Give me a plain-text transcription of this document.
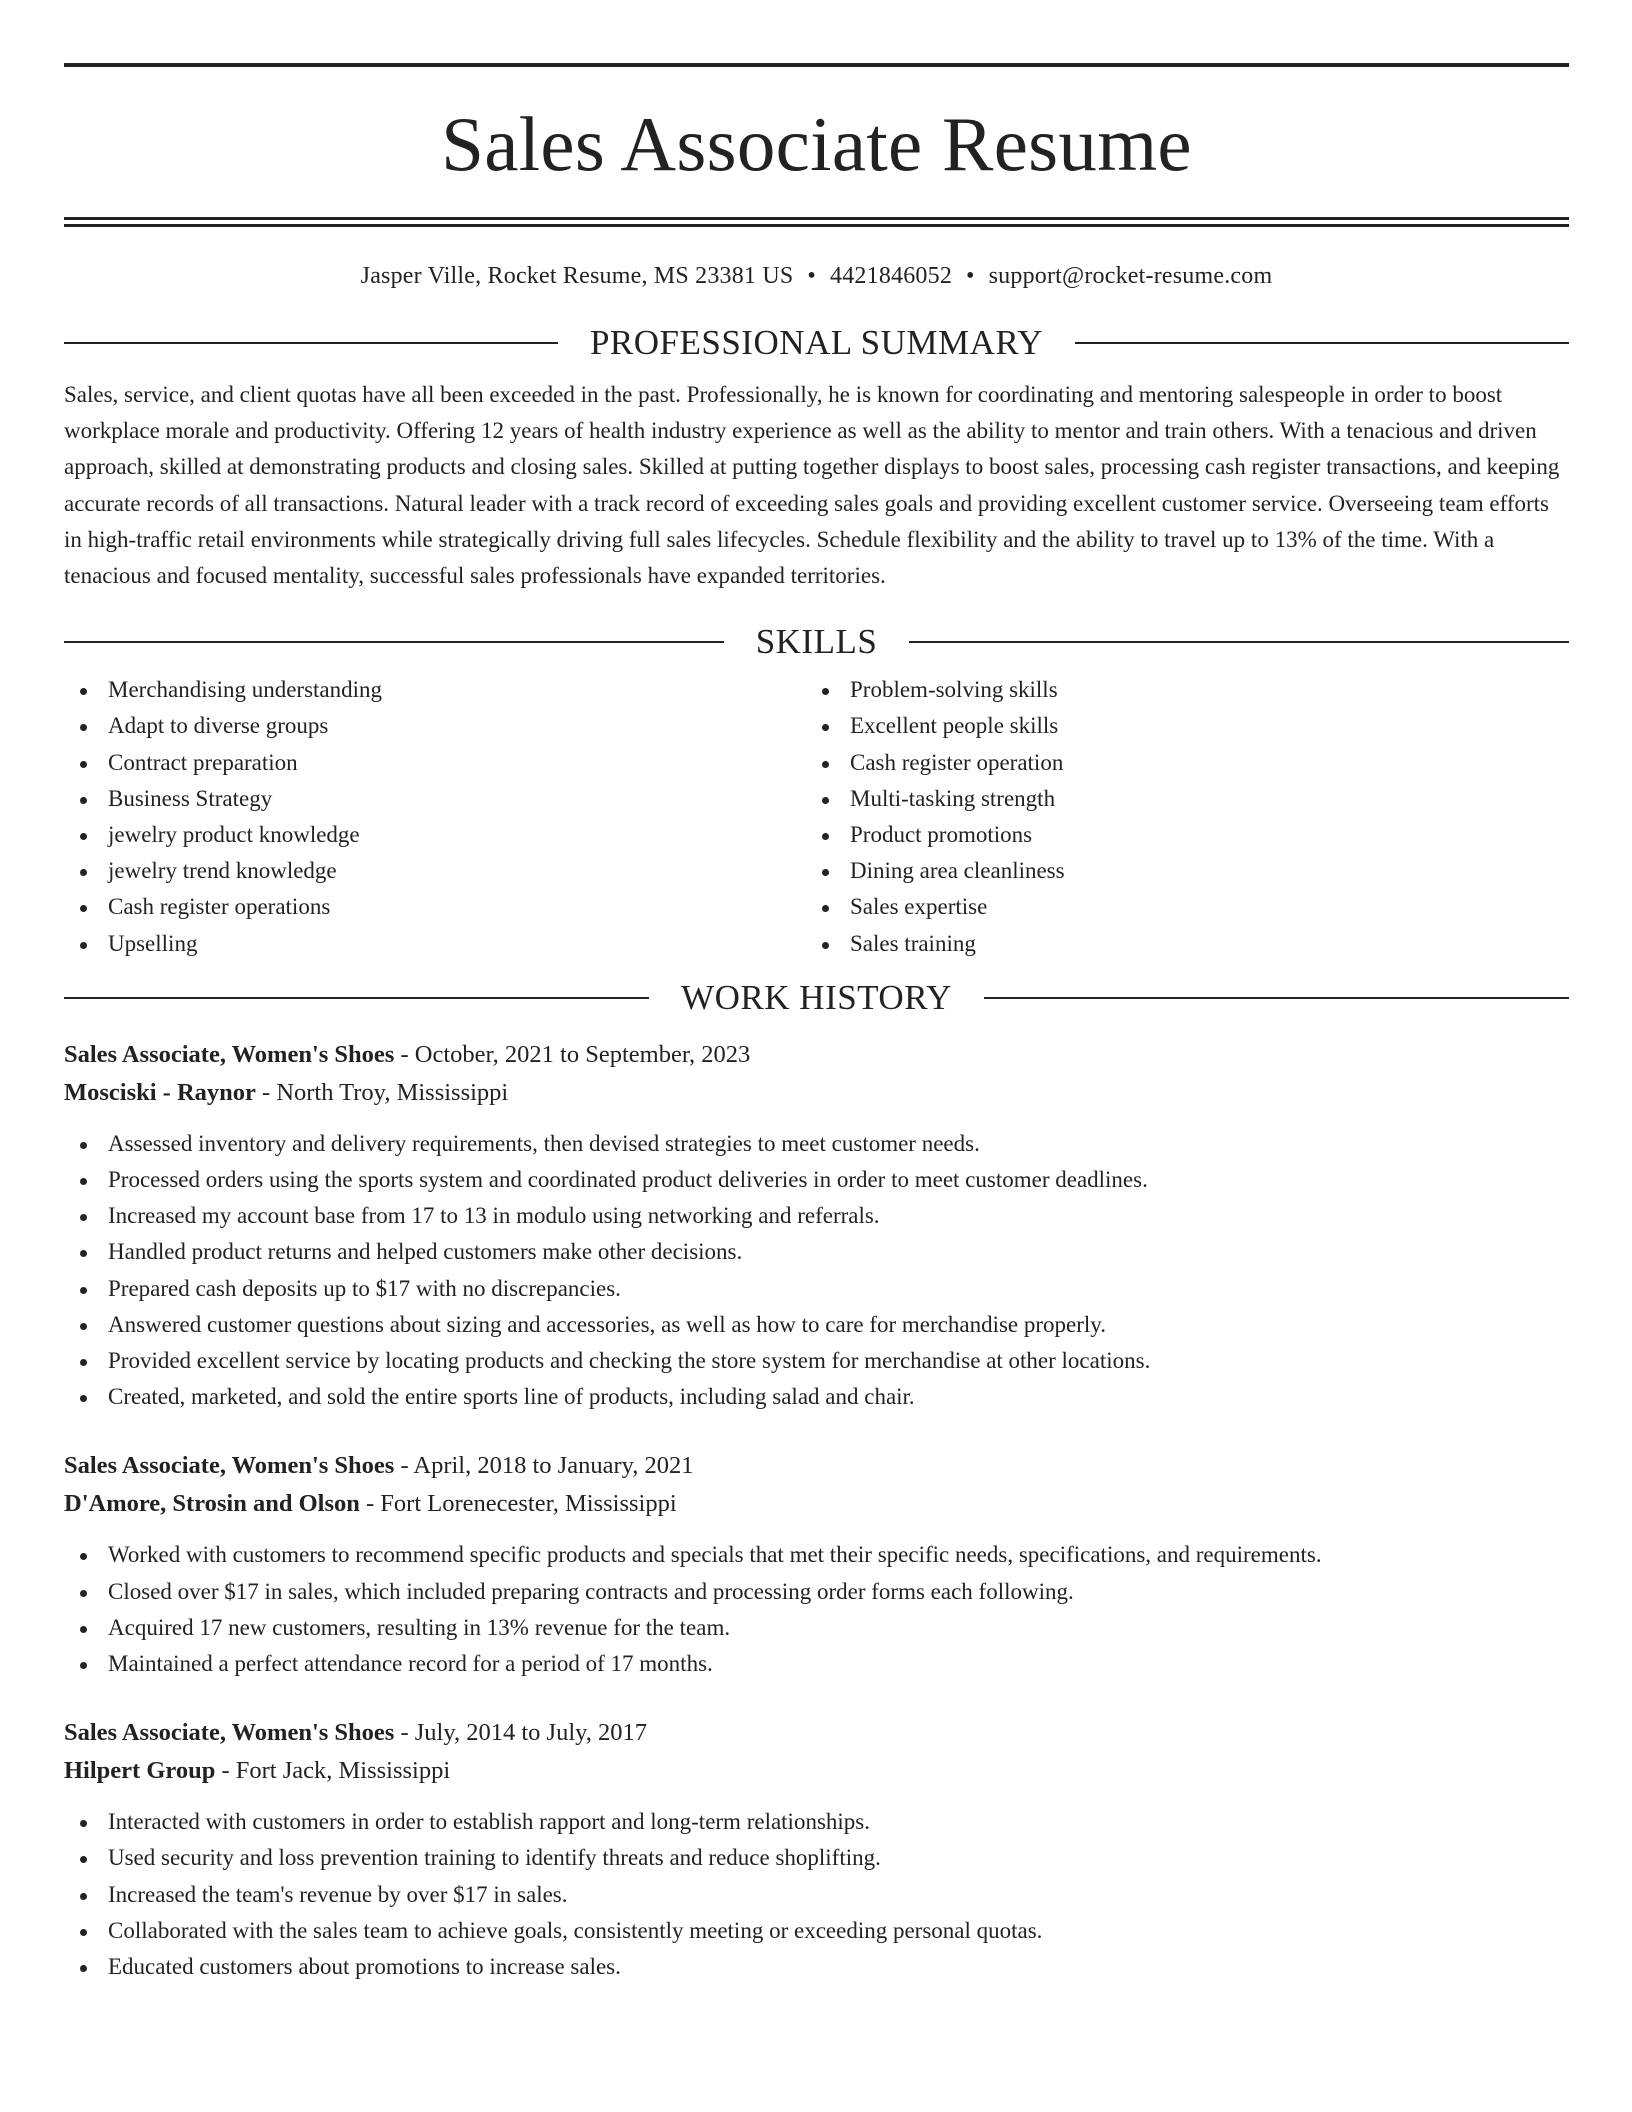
Sales Associate Resume
Jasper Ville, Rocket Resume, MS 23381 US • 4421846052 • support@rocket-resume.com
PROFESSIONAL SUMMARY

Sales, service, and client quotas have all been exceeded in the past. Professionally, he is known for coordinating and mentoring salespeople in order to boost workplace morale and productivity. Offering 12 years of health industry experience as well as the ability to mentor and train others. With a tenacious and driven approach, skilled at demonstrating products and closing sales. Skilled at putting together displays to boost sales, processing cash register transactions, and keeping accurate records of all transactions. Natural leader with a track record of exceeding sales goals and providing excellent customer service. Overseeing team efforts in high-traffic retail environments while strategically driving full sales lifecycles. Schedule flexibility and the ability to travel up to 13% of the time. With a tenacious and focused mentality, successful sales professionals have expanded territories.

SKILLS
Merchandising understanding
Adapt to diverse groups
Contract preparation
Business Strategy
jewelry product knowledge
jewelry trend knowledge
Cash register operations
Upselling
Problem-solving skills
Excellent people skills
Cash register operation
Multi-tasking strength
Product promotions
Dining area cleanliness
Sales expertise
Sales training
WORK HISTORY
Sales Associate, Women's Shoes - October, 2021 to September, 2023
Mosciski - Raynor - North Troy, Mississippi
Assessed inventory and delivery requirements, then devised strategies to meet customer needs.
Processed orders using the sports system and coordinated product deliveries in order to meet customer deadlines.
Increased my account base from 17 to 13 in modulo using networking and referrals.
Handled product returns and helped customers make other decisions.
Prepared cash deposits up to $17 with no discrepancies.
Answered customer questions about sizing and accessories, as well as how to care for merchandise properly.
Provided excellent service by locating products and checking the store system for merchandise at other locations.
Created, marketed, and sold the entire sports line of products, including salad and chair.
Sales Associate, Women's Shoes - April, 2018 to January, 2021
D'Amore, Strosin and Olson - Fort Lorenecester, Mississippi
Worked with customers to recommend specific products and specials that met their specific needs, specifications, and requirements.
Closed over $17 in sales, which included preparing contracts and processing order forms each following.
Acquired 17 new customers, resulting in 13% revenue for the team.
Maintained a perfect attendance record for a period of 17 months.
Sales Associate, Women's Shoes - July, 2014 to July, 2017
Hilpert Group - Fort Jack, Mississippi
Interacted with customers in order to establish rapport and long-term relationships.
Used security and loss prevention training to identify threats and reduce shoplifting.
Increased the team's revenue by over $17 in sales.
Collaborated with the sales team to achieve goals, consistently meeting or exceeding personal quotas.
Educated customers about promotions to increase sales.
